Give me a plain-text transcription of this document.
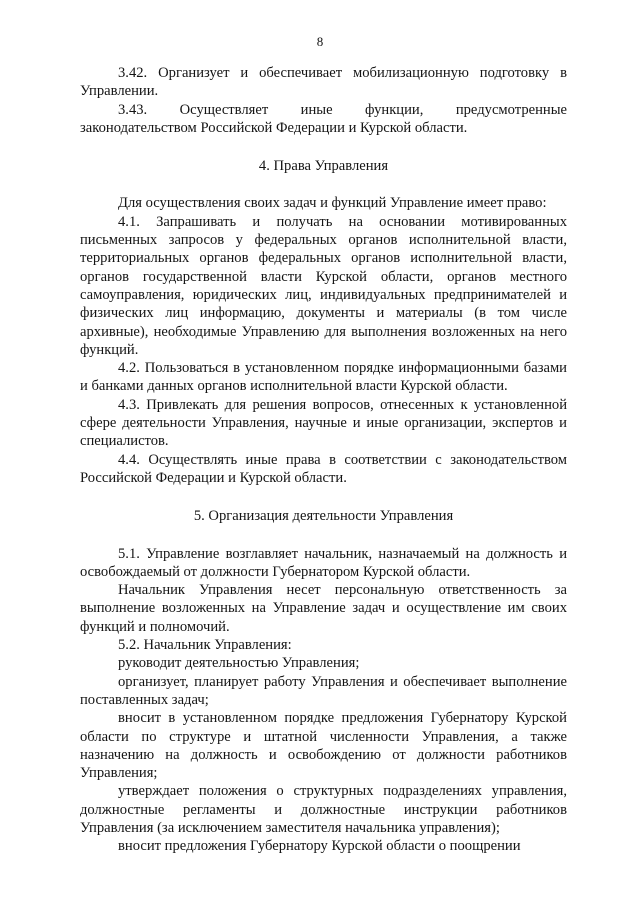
8

3.42. Организует и обеспечивает мобилизационную подготовку в Управлении.

3.43. Осуществляет иные функции, предусмотренные законодательством Российской Федерации и Курской области.

4. Права Управления

Для осуществления своих задач и функций Управление имеет право:

4.1. Запрашивать и получать на основании мотивированных письменных запросов у федеральных органов исполнительной власти, территориальных органов федеральных органов исполнительной власти, органов государственной власти Курской области, органов местного самоуправления, юридических лиц, индивидуальных предпринимателей и физических лиц информацию, документы и материалы (в том числе архивные), необходимые Управлению для выполнения возложенных на него функций.

4.2. Пользоваться в установленном порядке информационными базами и банками данных органов исполнительной власти Курской области.

4.3. Привлекать для решения вопросов, отнесенных к установленной сфере деятельности Управления, научные и иные организации, экспертов и специалистов.

4.4. Осуществлять иные права в соответствии с законодательством Российской Федерации и Курской области.

5. Организация деятельности Управления

5.1. Управление возглавляет начальник, назначаемый на должность и освобождаемый от должности Губернатором Курской области.

Начальник Управления несет персональную ответственность за выполнение возложенных на Управление задач и осуществление им своих функций и полномочий.

5.2. Начальник Управления:

руководит деятельностью Управления;

организует, планирует работу Управления и обеспечивает выполнение поставленных задач;

вносит в установленном порядке предложения Губернатору Курской области по структуре и штатной численности Управления, а также назначению на должность и освобождению от должности работников Управления;

утверждает положения о структурных подразделениях управления, должностные регламенты и должностные инструкции работников Управления (за исключением заместителя начальника управления);

вносит предложения Губернатору Курской области о поощрении
